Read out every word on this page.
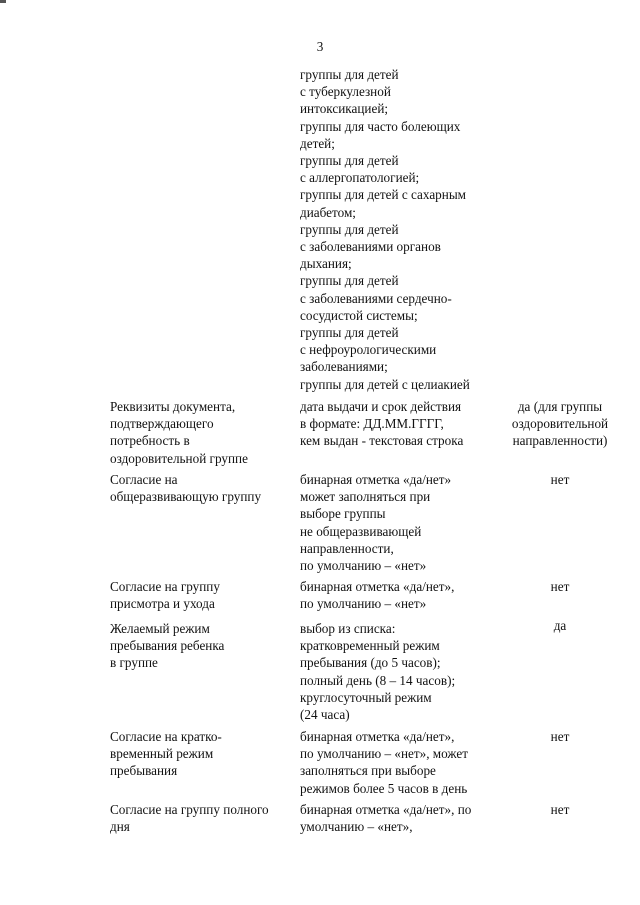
3
группы для детей
с туберкулезной
интоксикацией;
группы для часто болеющих
детей;
группы для детей
с аллергопатологией;
группы для детей с сахарным
диабетом;
группы для детей
с заболеваниями органов
дыхания;
группы для детей
с заболеваниями сердечно-
сосудистой системы;
группы для детей
с нефроурологическими
заболеваниями;
группы для детей с целиакией
Реквизиты документа,
подтверждающего
потребность в
оздоровительной группе
дата выдачи и срок действия
в формате: ДД.ММ.ГГГГ,
кем выдан - текстовая строка
да (для группы
оздоровительной
направленности)
Согласие на
общеразвивающую группу
бинарная отметка «да/нет»
может заполняться при
выборе группы
не общеразвивающей
направленности,
по умолчанию – «нет»
нет
Согласие на группу
присмотра и ухода
бинарная отметка «да/нет»,
по умолчанию – «нет»
нет
Желаемый режим
пребывания ребенка
в группе
выбор из списка:
кратковременный режим
пребывания (до 5 часов);
полный день (8 – 14 часов);
круглосуточный режим
(24 часа)
да
Согласие на кратко-
временный режим
пребывания
бинарная отметка «да/нет»,
по умолчанию – «нет», может
заполняться при выборе
режимов более 5 часов в день
нет
Согласие на группу полного
дня
бинарная отметка «да/нет», по
умолчанию – «нет»,
нет
